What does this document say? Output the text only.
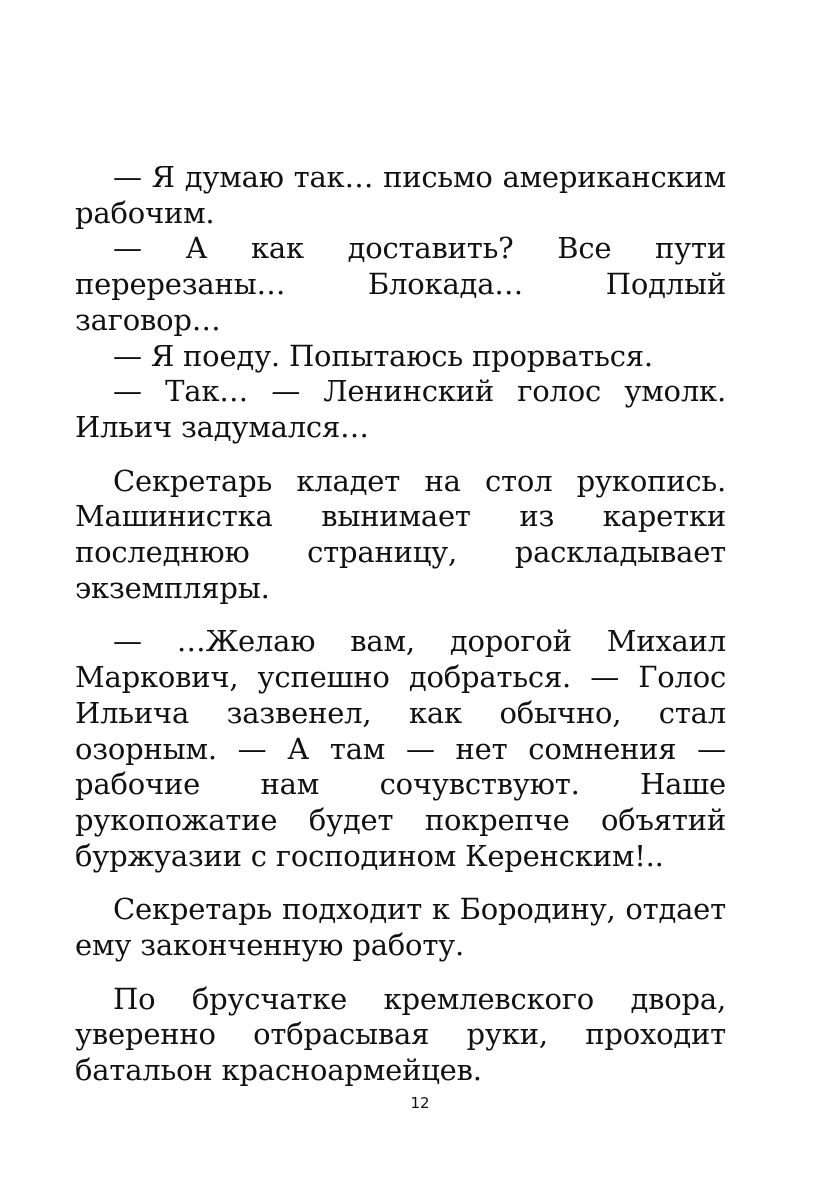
— Я думаю так… письмо американским рабочим.

— А как доставить? Все пути перерезаны… Блокада… Подлый заговор…

— Я поеду. Попытаюсь прорваться.

— Так… — Ленинский голос умолк. Ильич задумался…

Секретарь кладет на стол рукопись. Машинистка вынимает из каретки последнюю страницу, раскладывает экземпляры.

— …Желаю вам, дорогой Михаил Маркович, успешно добраться. — Голос Ильича зазвенел, как обычно, стал озорным. — А там — нет сомнения — рабочие нам сочувствуют. Наше рукопожатие будет покрепче объятий буржуазии с господином Керенским!..

Секретарь подходит к Бородину, отдает ему законченную работу.

По брусчатке кремлевского двора, уверенно отбрасывая руки, проходит батальон красноармейцев.

12
